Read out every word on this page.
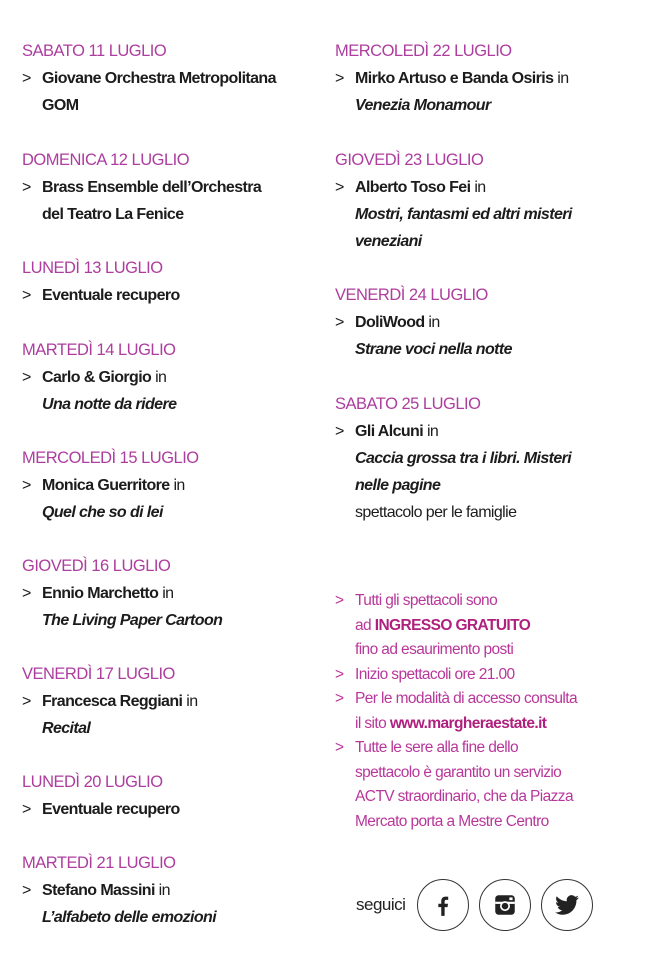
SABATO 11 LUGLIO
> Giovane Orchestra Metropolitana
GOM
DOMENICA 12 LUGLIO
> Brass Ensemble dell’Orchestra
del Teatro La Fenice
LUNEDÌ 13 LUGLIO
> Eventuale recupero
MARTEDÌ 14 LUGLIO
> Carlo & Giorgio in
Una notte da ridere
MERCOLEDÌ 15 LUGLIO
> Monica Guerritore in
Quel che so di lei
GIOVEDÌ 16 LUGLIO
> Ennio Marchetto in
The Living Paper Cartoon
VENERDÌ 17 LUGLIO
> Francesca Reggiani in
Recital
LUNEDÌ 20 LUGLIO
> Eventuale recupero
MARTEDÌ 21 LUGLIO
> Stefano Massini in
L’alfabeto delle emozioni
MERCOLEDÌ 22 LUGLIO
> Mirko Artuso e Banda Osiris in
Venezia Monamour
GIOVEDÌ 23 LUGLIO
> Alberto Toso Fei in
Mostri, fantasmi ed altri misteri
veneziani
VENERDÌ 24 LUGLIO
> DoliWood in
Strane voci nella notte
SABATO 25 LUGLIO
> Gli Alcuni in
Caccia grossa tra i libri. Misteri
nelle pagine
spettacolo per le famiglie
> Tutti gli spettacoli sono
ad INGRESSO GRATUITO
fino ad esaurimento posti
> Inizio spettacoli ore 21.00
> Per le modalità di accesso consulta
il sito www.margheraestate.it
> Tutte le sere alla fine dello
spettacolo è garantito un servizio
ACTV straordinario, che da Piazza
Mercato porta a Mestre Centro
seguici
